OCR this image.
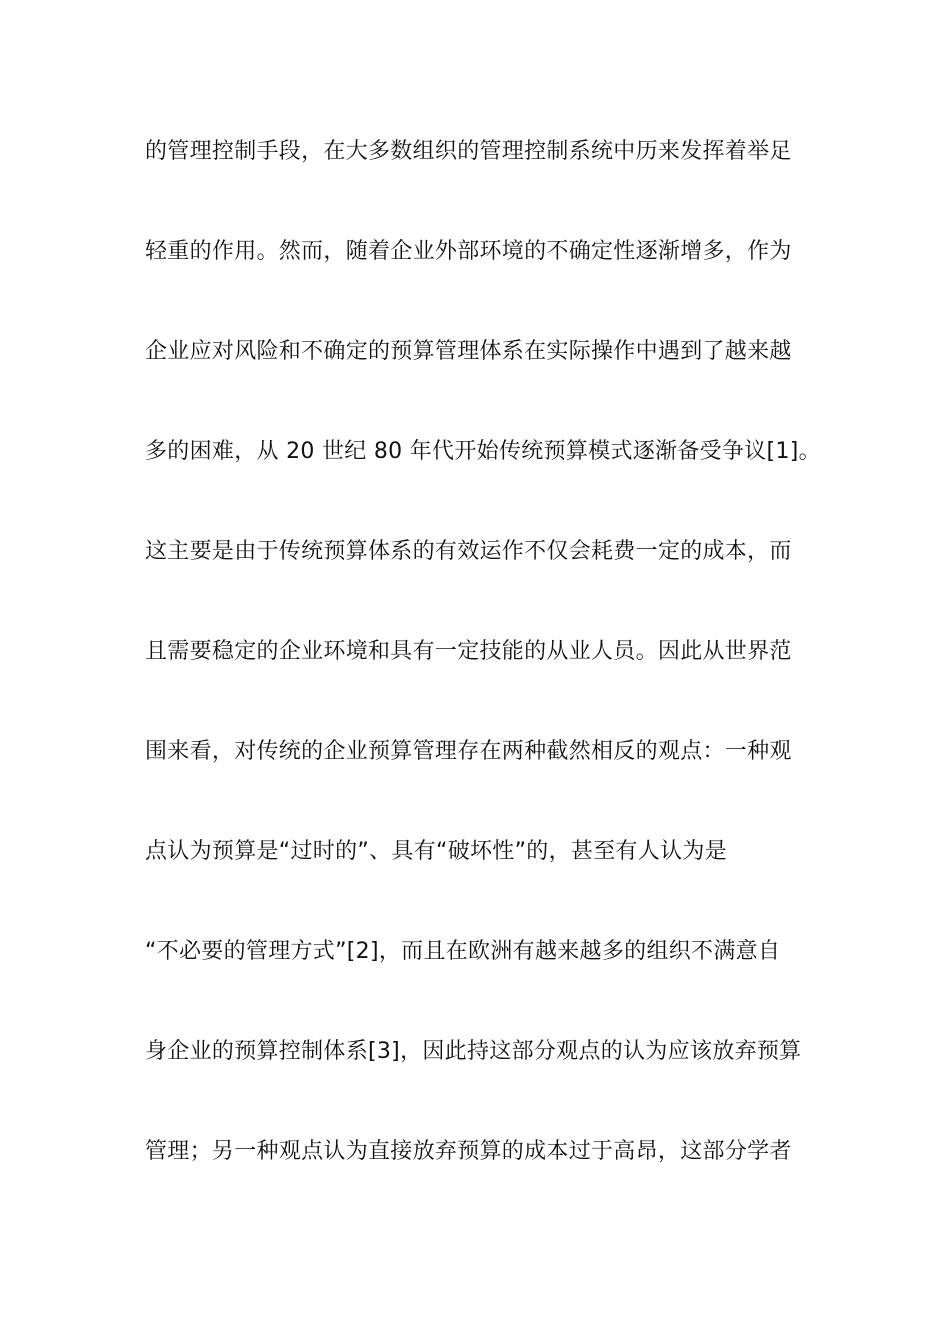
的管理控制手段，在大多数组织的管理控制系统中历来发挥着举足
轻重的作用。然而，随着企业外部环境的不确定性逐渐增多，作为
企业应对风险和不确定的预算管理体系在实际操作中遇到了越来越
多的困难，从 20 世纪 80 年代开始传统预算模式逐渐备受争议[1]。
这主要是由于传统预算体系的有效运作不仅会耗费一定的成本，而
且需要稳定的企业环境和具有一定技能的从业人员。因此从世界范
围来看，对传统的企业预算管理存在两种截然相反的观点：一种观
点认为预算是“过时的”、具有“破坏性”的，甚至有人认为是
“不必要的管理方式”[2]，而且在欧洲有越来越多的组织不满意自
身企业的预算控制体系[3]，因此持这部分观点的认为应该放弃预算
管理；另一种观点认为直接放弃预算的成本过于高昂，这部分学者
